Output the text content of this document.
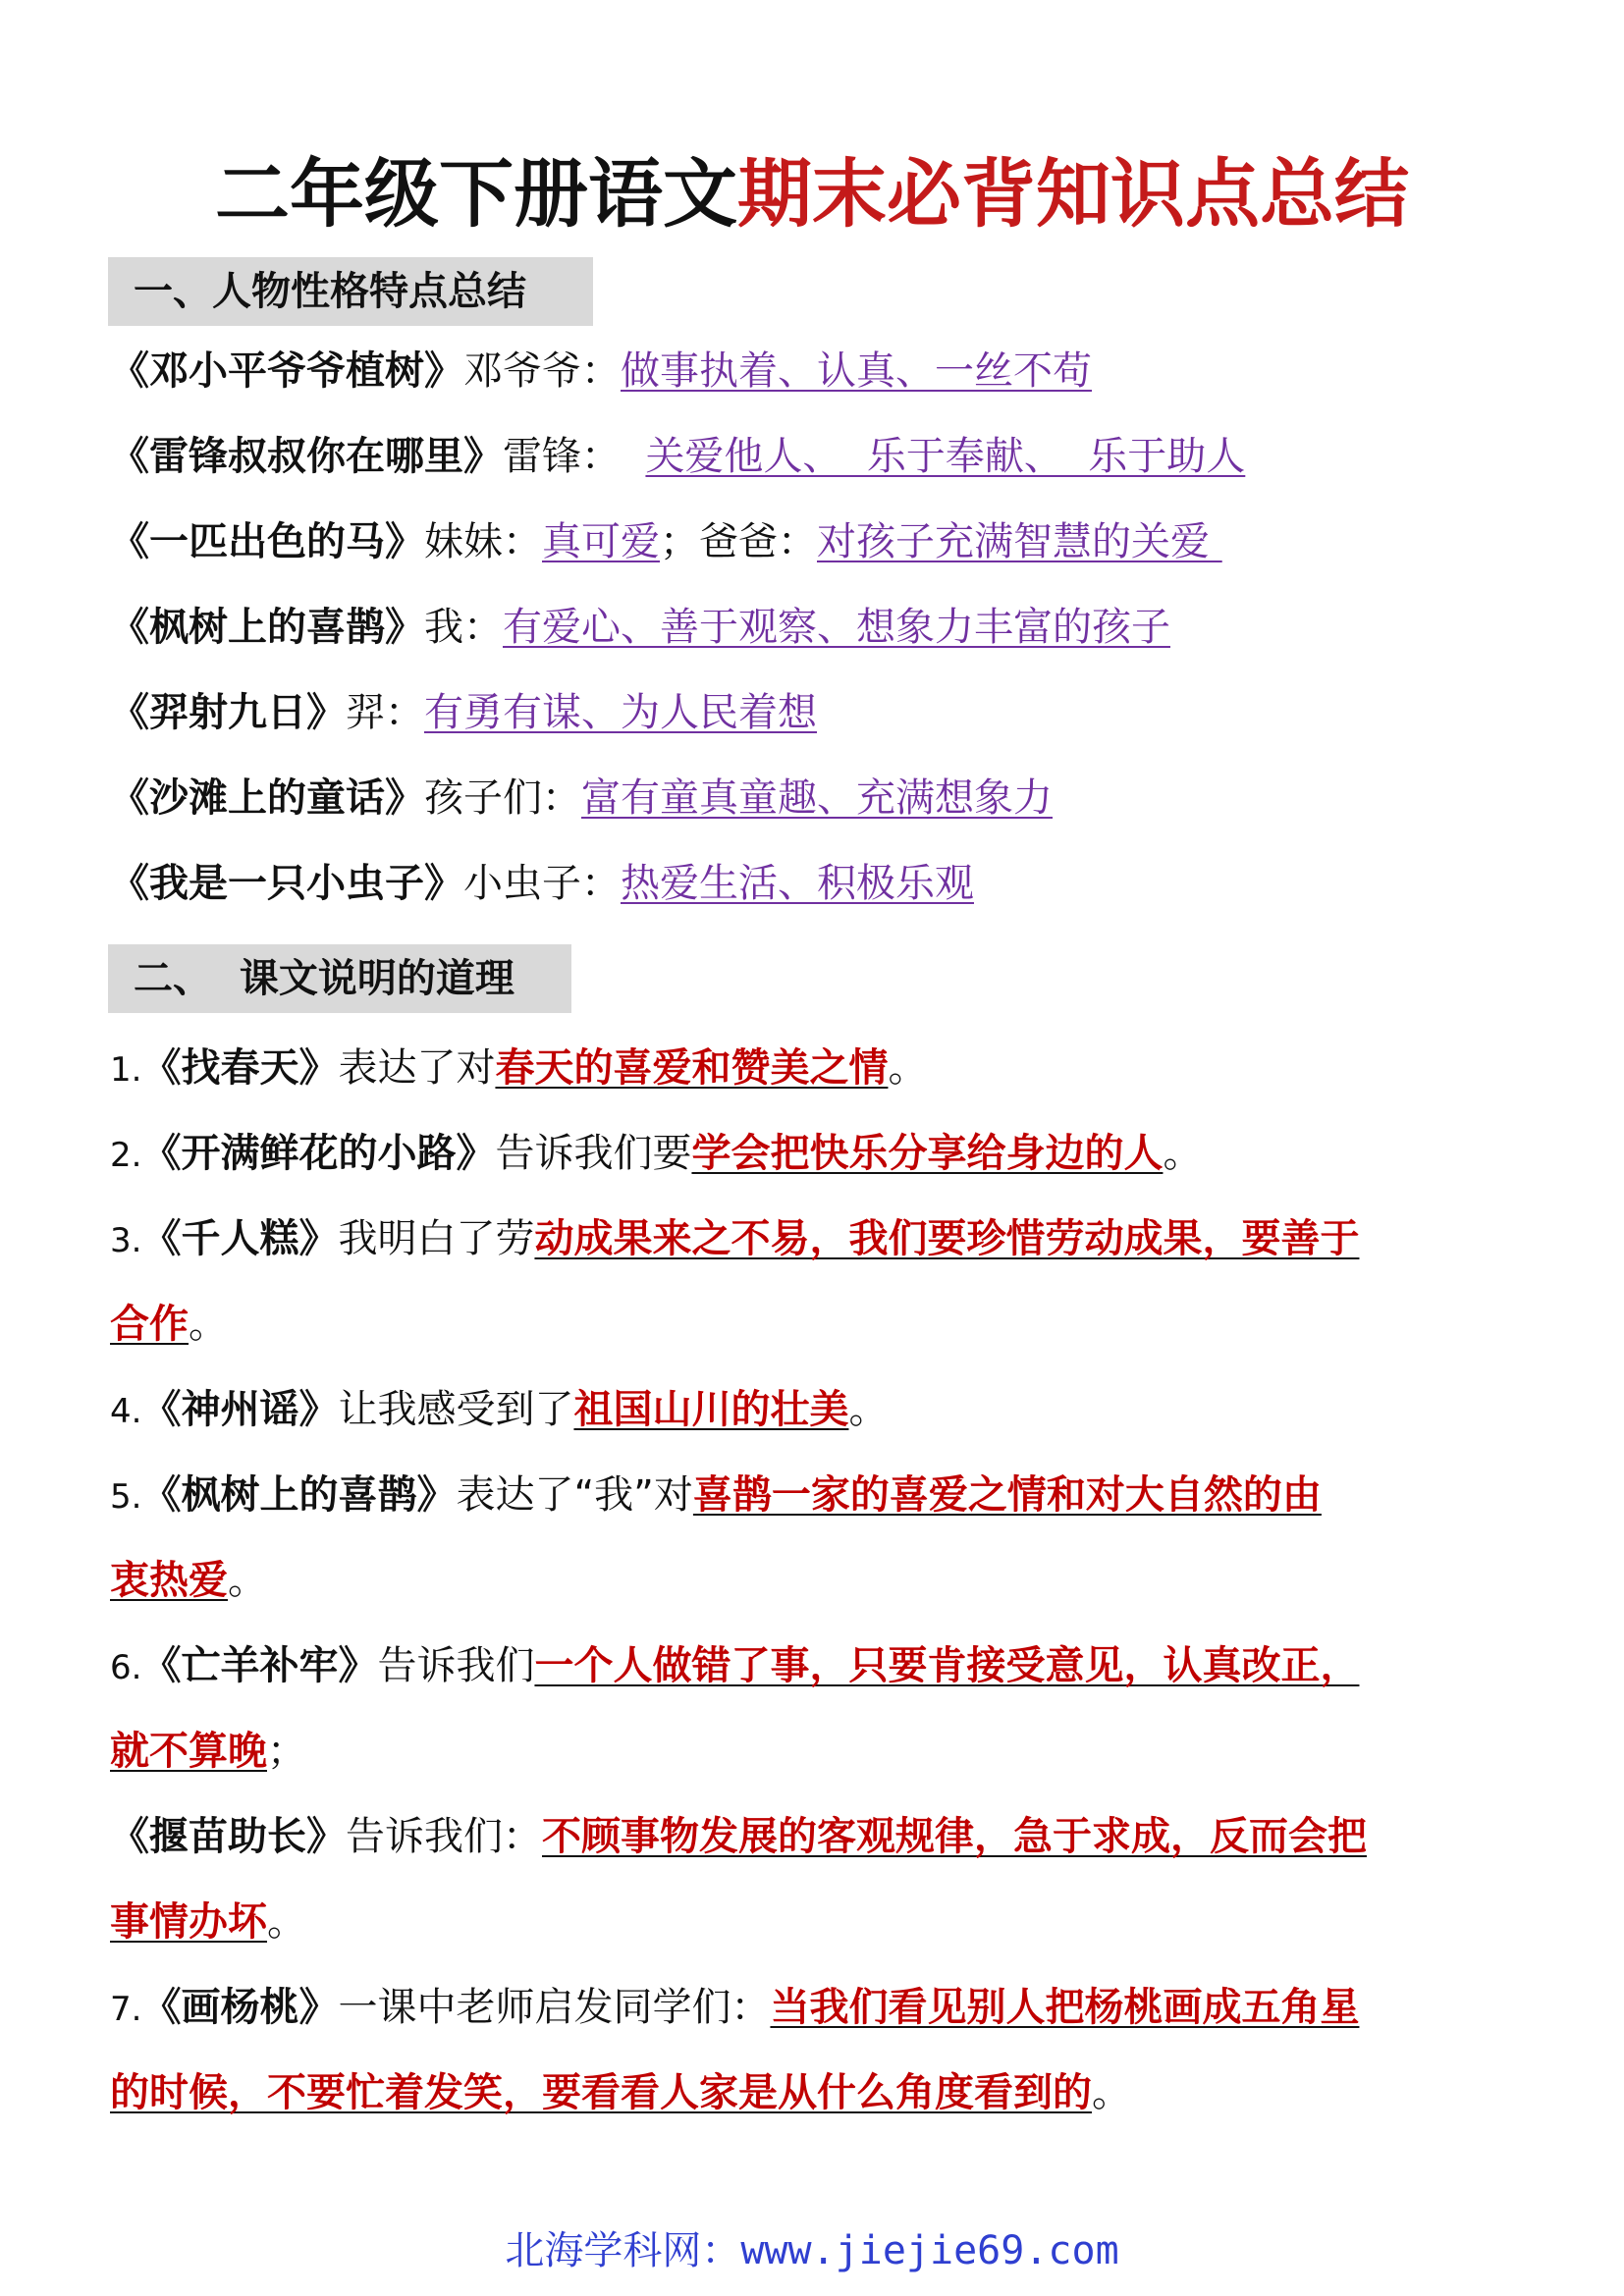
二年级下册语文期末必背知识点总结
一、人物性格特点总结
《邓小平爷爷植树》邓爷爷：做事执着、认真、一丝不苟
《雷锋叔叔你在哪里》雷锋：  关爱他人、  乐于奉献、  乐于助人
《一匹出色的马》妹妹：真可爱；爸爸：对孩子充满智慧的关爱
《枫树上的喜鹊》我：有爱心、善于观察、想象力丰富的孩子
《羿射九日》羿：有勇有谋、为人民着想
《沙滩上的童话》孩子们：富有童真童趣、充满想象力
《我是一只小虫子》小虫子：热爱生活、积极乐观
二、  课文说明的道理
1.《找春天》表达了对春天的喜爱和赞美之情。
2.《开满鲜花的小路》告诉我们要学会把快乐分享给身边的人。
3.《千人糕》我明白了劳动成果来之不易，我们要珍惜劳动成果，要善于
合作。
4.《神州谣》让我感受到了祖国山川的壮美。
5.《枫树上的喜鹊》表达了“我”对喜鹊一家的喜爱之情和对大自然的由
衷热爱。
6.《亡羊补牢》告诉我们一个人做错了事，只要肯接受意见，认真改正，
就不算晚；
《揠苗助长》告诉我们：不顾事物发展的客观规律，急于求成，反而会把
事情办坏。
7.《画杨桃》一课中老师启发同学们：当我们看见别人把杨桃画成五角星
的时候，不要忙着发笑，要看看人家是从什么角度看到的。
北海学科网：www.jiejie69.com
